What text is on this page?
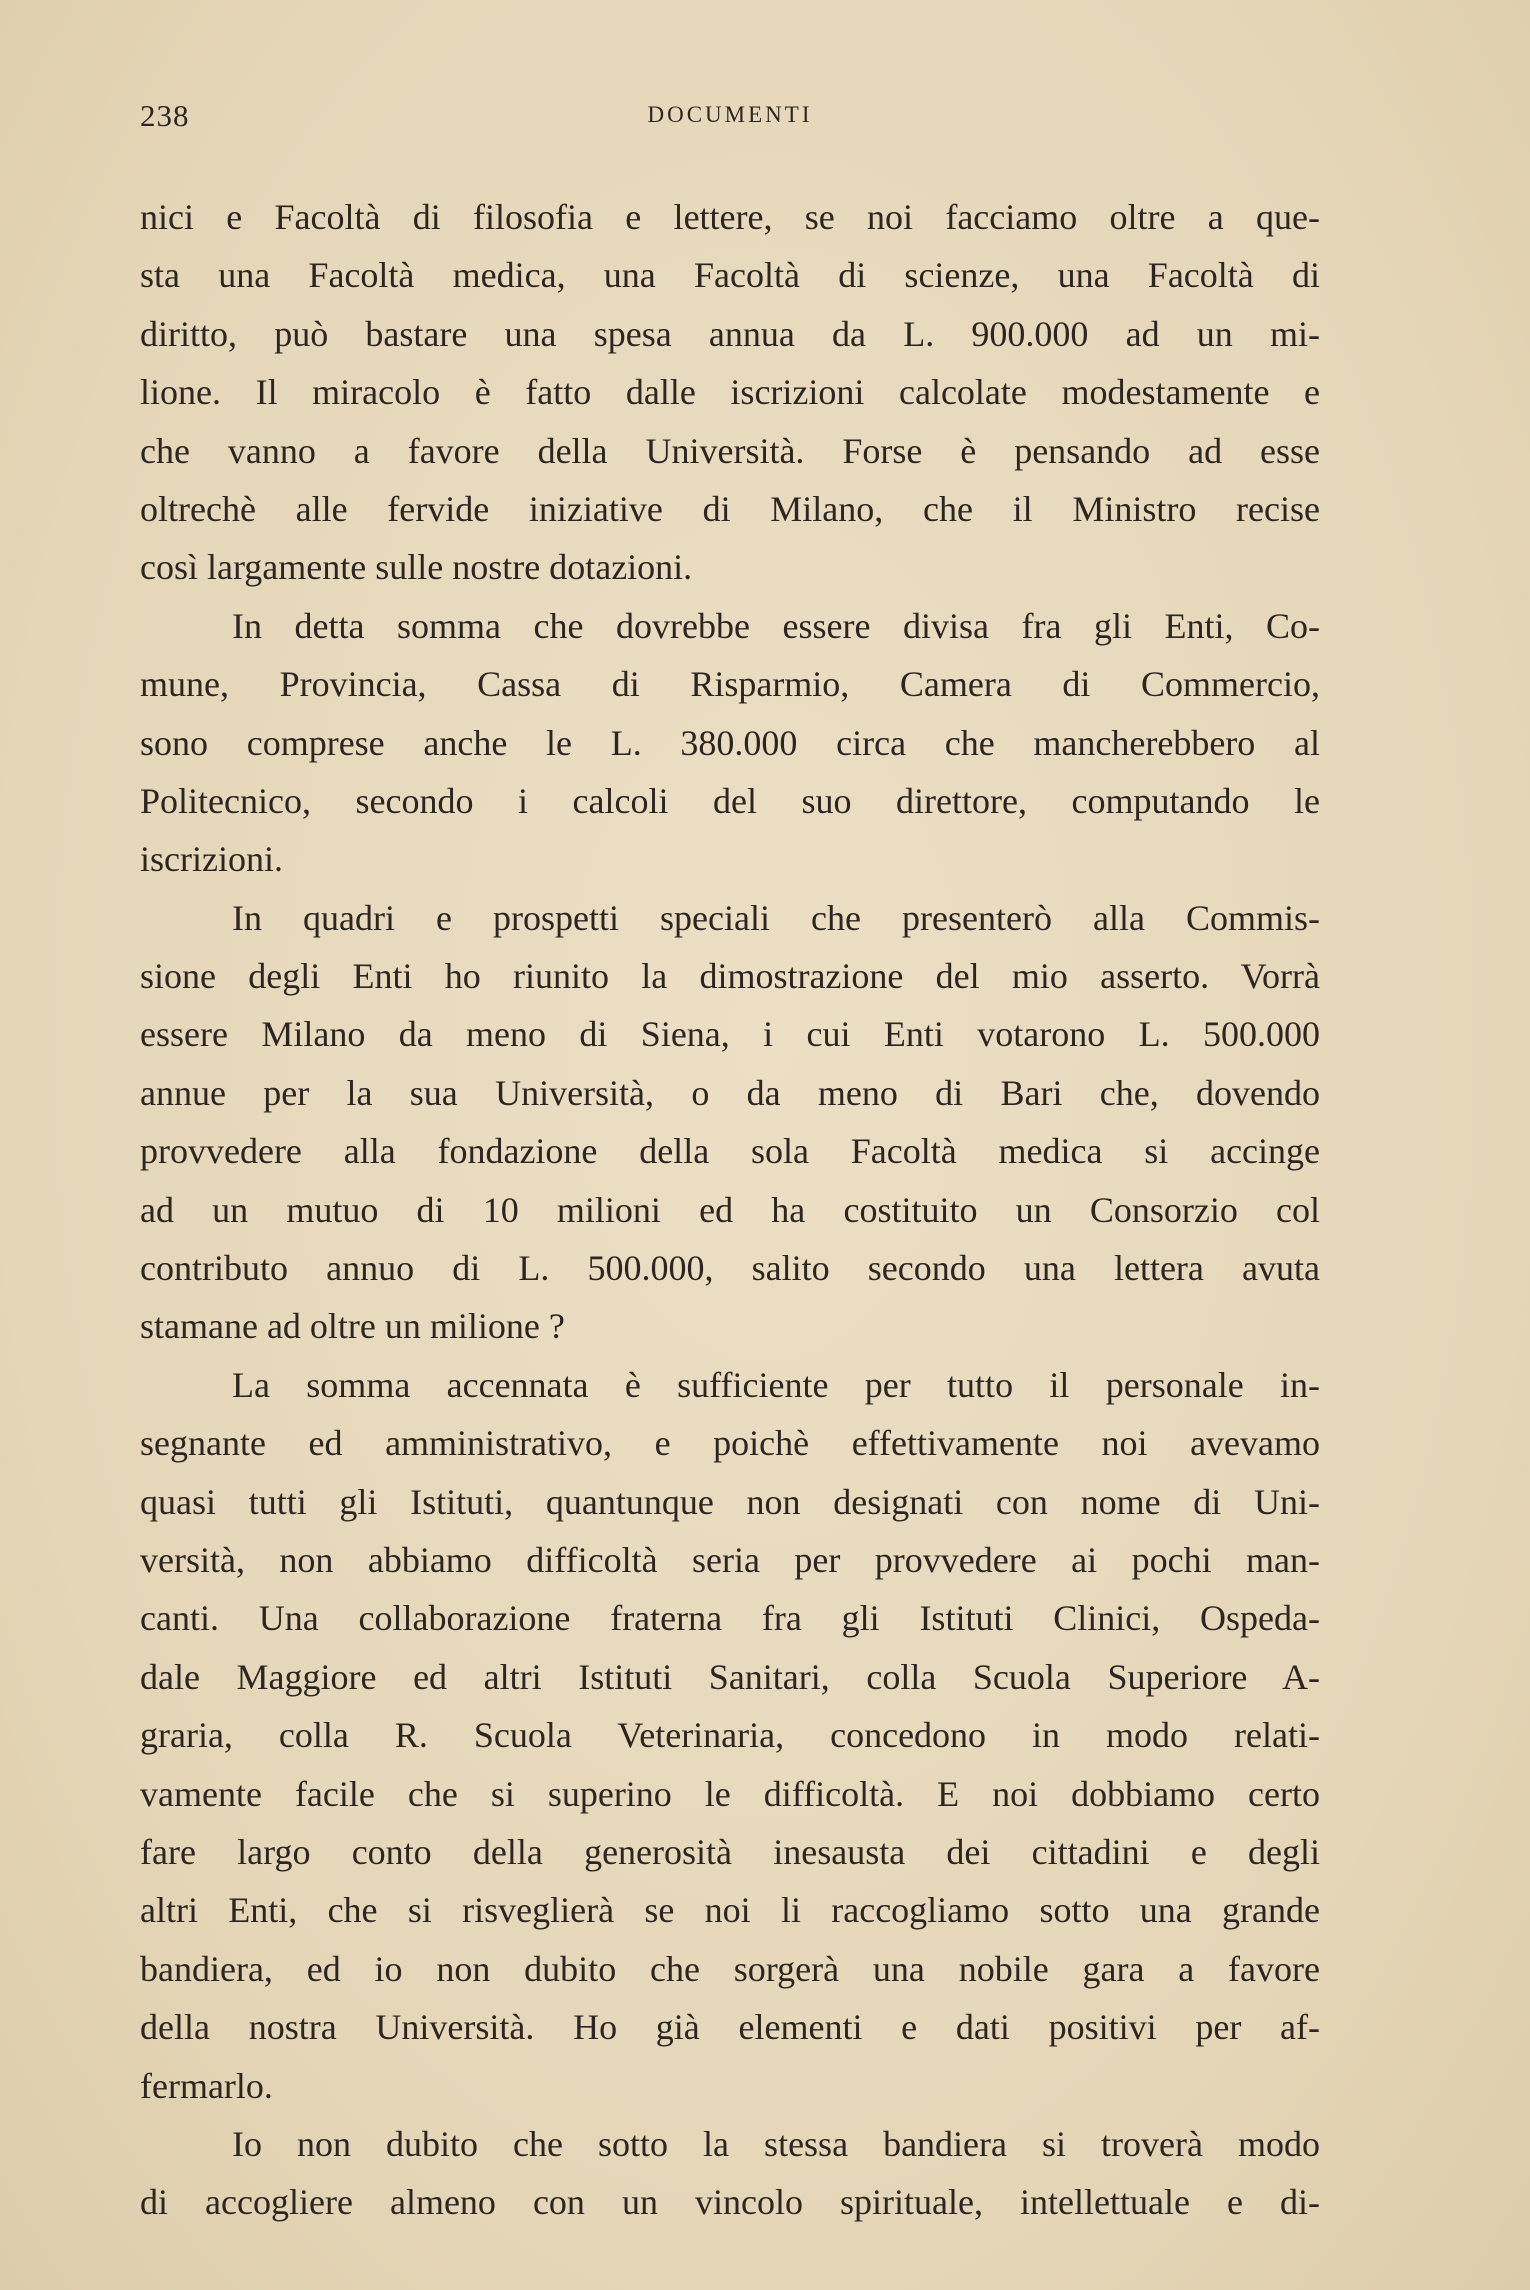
238	DOCUMENTI
nici e Facoltà di filosofia e lettere, se noi facciamo oltre a que-
sta una Facoltà medica, una Facoltà di scienze, una Facoltà di
diritto, può bastare una spesa annua da L. 900.000 ad un mi-
lione. Il miracolo è fatto dalle iscrizioni calcolate modestamente e
che vanno a favore della Università. Forse è pensando ad esse
oltrechè alle fervide iniziative di Milano, che il Ministro recise
così largamente sulle nostre dotazioni.
In detta somma che dovrebbe essere divisa fra gli Enti, Co-
mune, Provincia, Cassa di Risparmio, Camera di Commercio,
sono comprese anche le L. 380.000 circa che mancherebbero al
Politecnico, secondo i calcoli del suo direttore, computando le
iscrizioni.
In quadri e prospetti speciali che presenterò alla Commis-
sione degli Enti ho riunito la dimostrazione del mio asserto. Vorrà
essere Milano da meno di Siena, i cui Enti votarono L. 500.000
annue per la sua Università, o da meno di Bari che, dovendo
provvedere alla fondazione della sola Facoltà medica si accinge
ad un mutuo di 10 milioni ed ha costituito un Consorzio col
contributo annuo di L. 500.000, salito secondo una lettera avuta
stamane ad oltre un milione ?
La somma accennata è sufficiente per tutto il personale in-
segnante ed amministrativo, e poichè effettivamente noi avevamo
quasi tutti gli Istituti, quantunque non designati con nome di Uni-
versità, non abbiamo difficoltà seria per provvedere ai pochi man-
canti. Una collaborazione fraterna fra gli Istituti Clinici, Ospeda-
dale Maggiore ed altri Istituti Sanitari, colla Scuola Superiore A-
graria, colla R. Scuola Veterinaria, concedono in modo relati-
vamente facile che si superino le difficoltà. E noi dobbiamo certo
fare largo conto della generosità inesausta dei cittadini e degli
altri Enti, che si risveglierà se noi li raccogliamo sotto una grande
bandiera, ed io non dubito che sorgerà una nobile gara a favore
della nostra Università. Ho già elementi e dati positivi per af-
fermarlo.
Io non dubito che sotto la stessa bandiera si troverà modo
di accogliere almeno con un vincolo spirituale, intellettuale e di-
